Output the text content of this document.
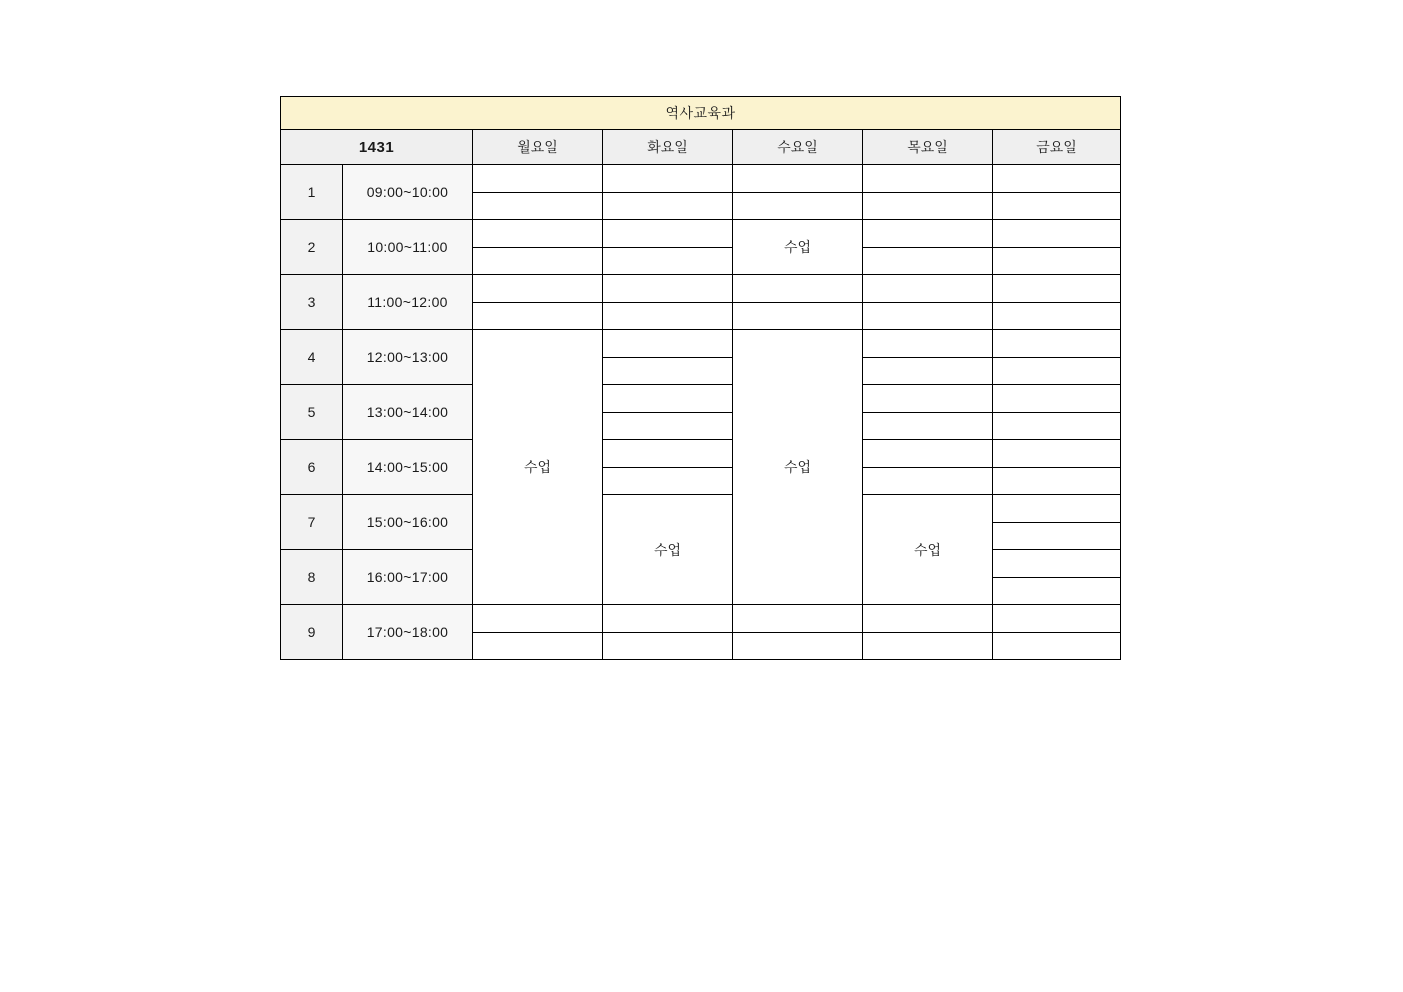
역사교육과						
1431		월요일	화요일	수요일	목요일	금요일
1	09:00~10:00					
2	10:00~11:00			수업		
3	11:00~12:00					
4	12:00~13:00	수업		수업		
5	13:00~14:00					
6	14:00~15:00					
7	15:00~16:00		수업		수업	
8	16:00~17:00					
9	17:00~18:00					
